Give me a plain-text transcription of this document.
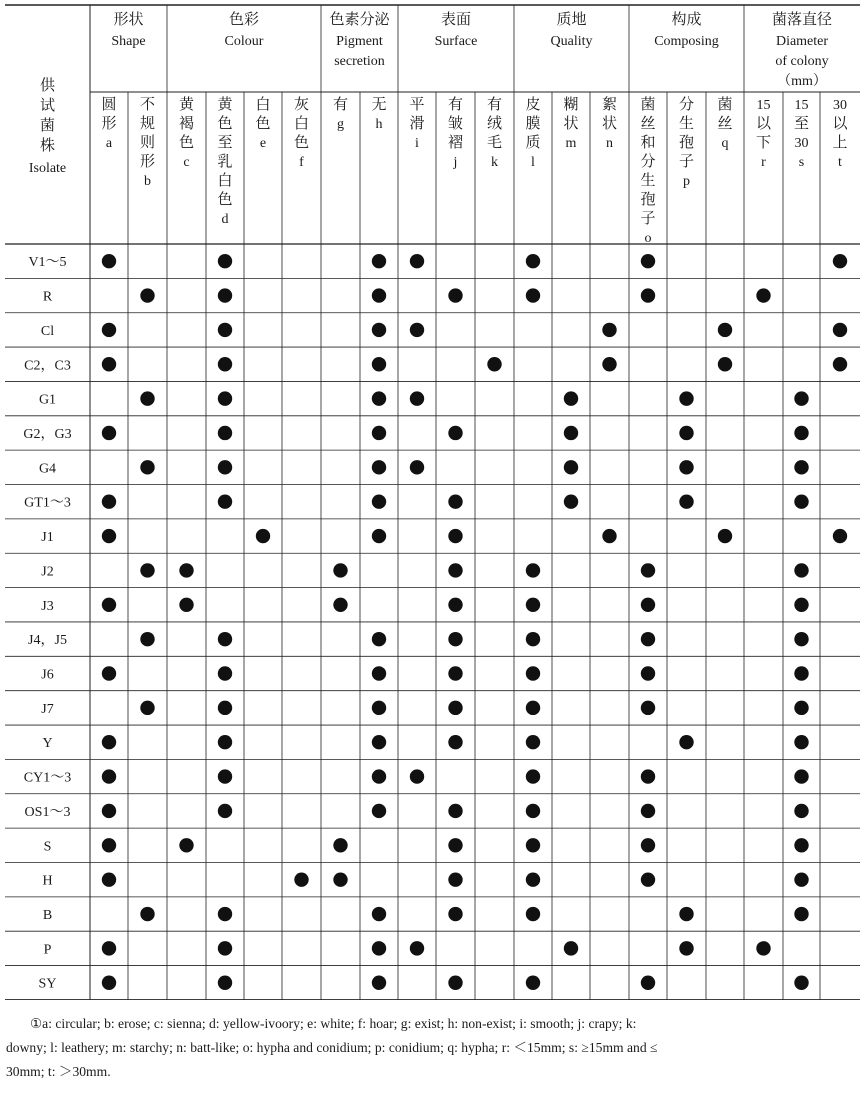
供
试
菌
株
Isolate
形状
Shape
色彩
Colour
色素分泌
Pigment
secretion
表面
Surface
质地
Quality
构成
Composing
菌落直径
Diameter
of colony
（mm）
圆
形
a
不
规
则
形
b
黄
褐
色
c
黄
色
至
乳
白
色
d
白
色
e
灰
白
色
f
有
g
无
h
平
滑
i
有
皱
褶
j
有
绒
毛
k
皮
膜
质
l
糊
状
m
絮
状
n
菌
丝
和
分
生
孢
子
o
分
生
孢
子
p
菌
丝
q
15
以
下
r
15
至
30
s
30
以
上
t
V1～5
R
Cl
C2，C3
G1
G2，G3
G4
GT1～3
J1
J2
J3
J4，J5
J6
J7
Y
CY1～3
OS1～3
S
H
B
P
SY
①a: circular; b: erose; c: sienna; d: yellow-ivoory; e: white; f: hoar; g: exist; h: non-exist; i: smooth; j: crapy; k:
downy; l: leathery; m: starchy; n: batt-like; o: hypha and conidium; p: conidium; q: hypha; r: ＜15mm; s: ≥15mm and ≤
30mm; t: ＞30mm.
